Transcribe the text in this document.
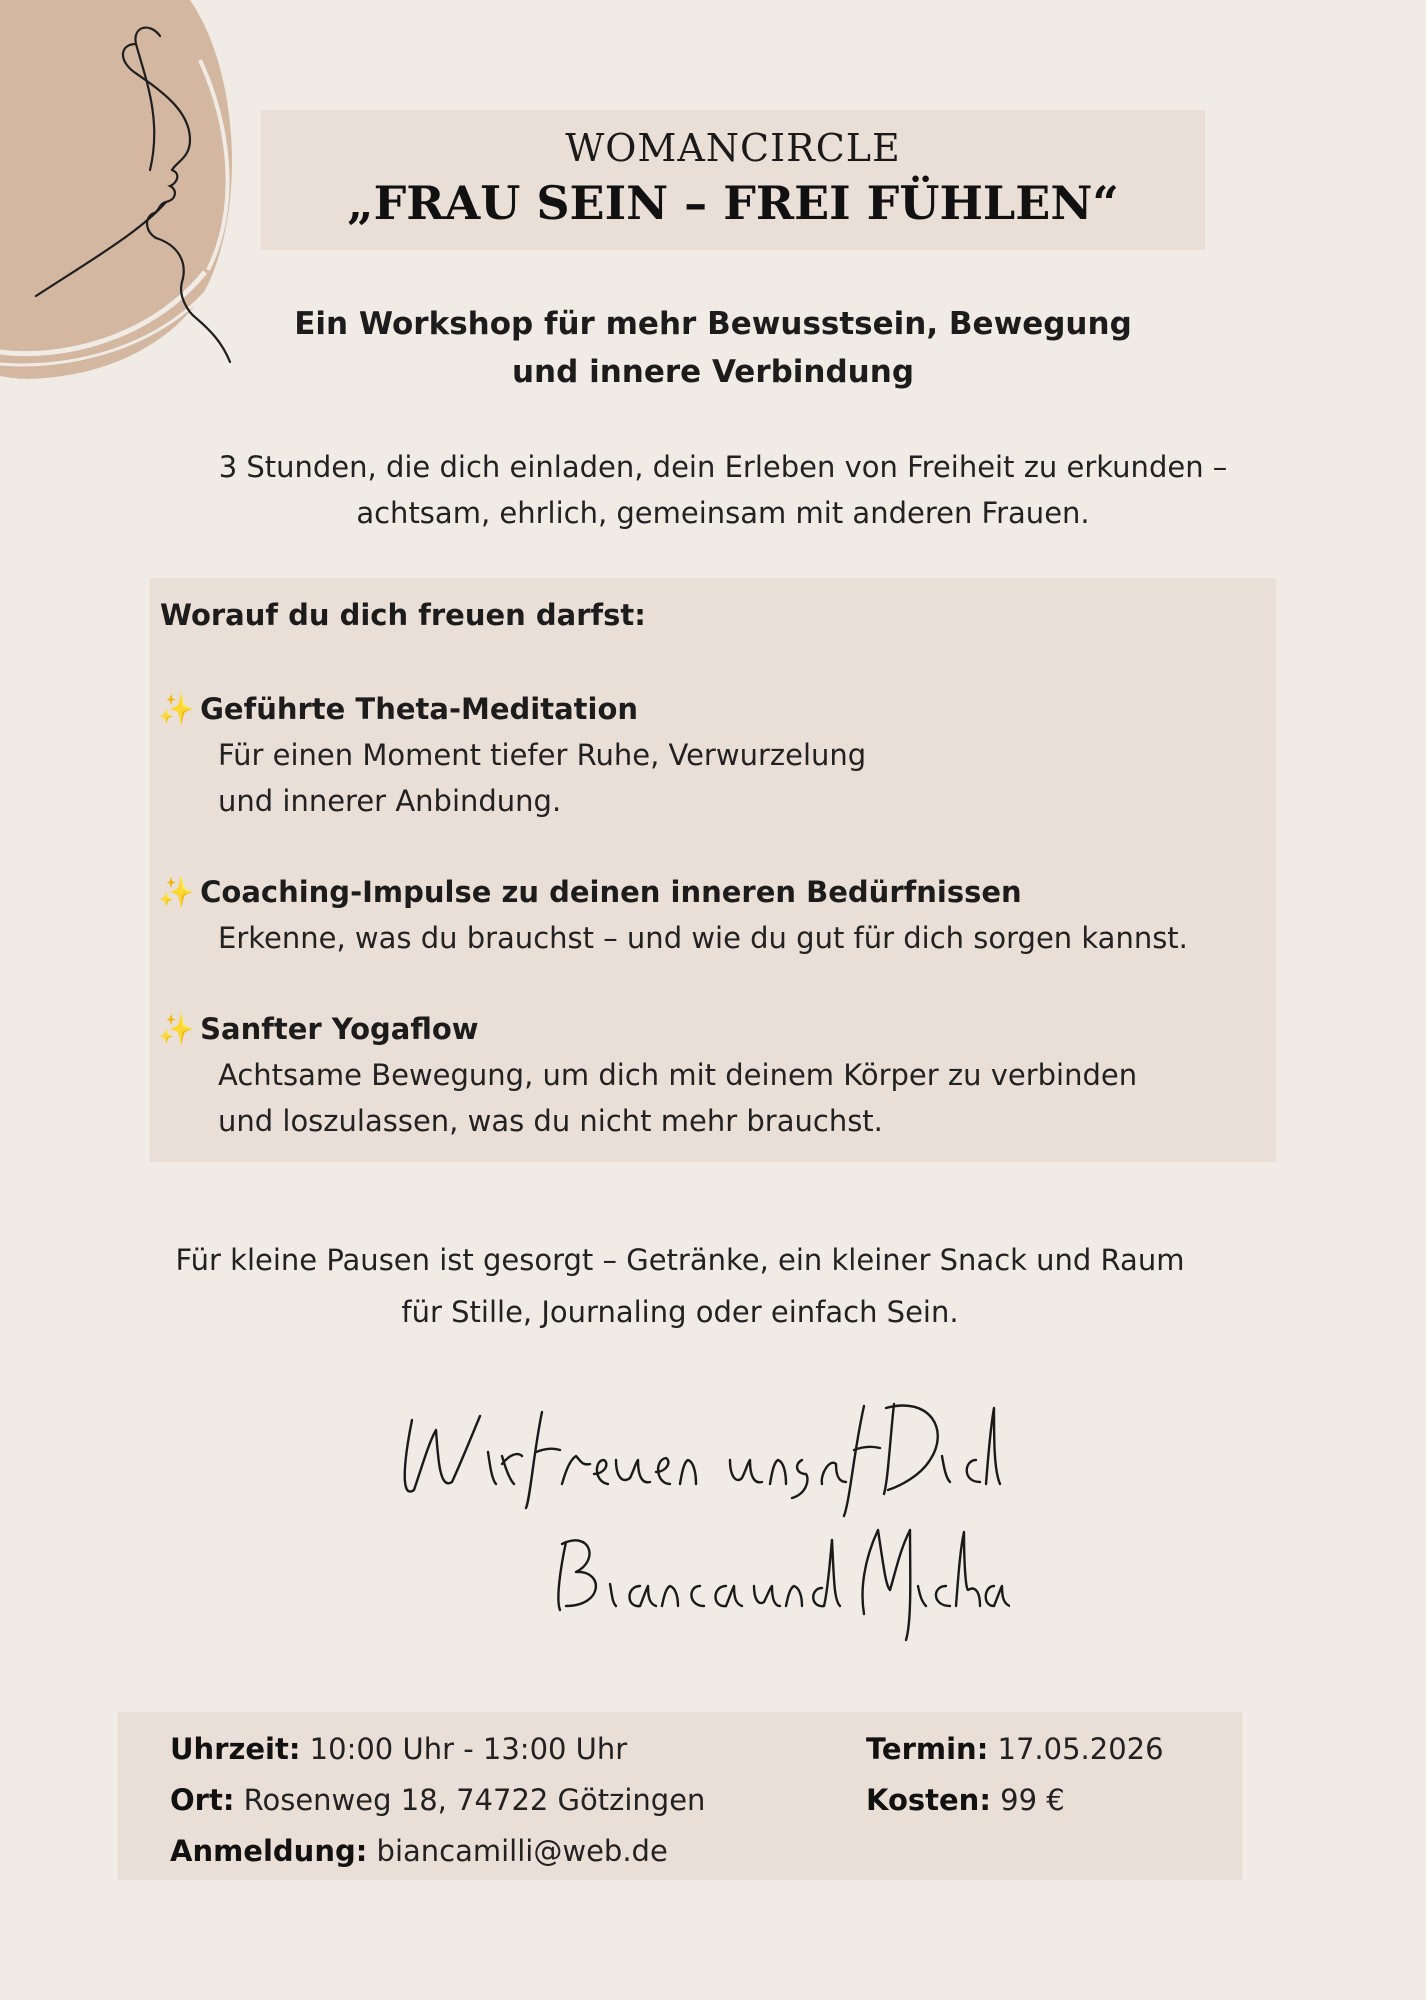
WOMANCIRCLE
„FRAU SEIN – FREI FÜHLEN“
Ein Workshop für mehr Bewusstsein, Bewegung
und innere Verbindung
3 Stunden, die dich einladen, dein Erleben von Freiheit zu erkunden –
achtsam, ehrlich, gemeinsam mit anderen Frauen.
Worauf du dich freuen darfst:
✨ Geführte Theta-Meditation
Für einen Moment tiefer Ruhe, Verwurzelung
und innerer Anbindung.
✨ Coaching-Impulse zu deinen inneren Bedürfnissen
Erkenne, was du brauchst – und wie du gut für dich sorgen kannst.
✨ Sanfter Yogaflow
Achtsame Bewegung, um dich mit deinem Körper zu verbinden
und loszulassen, was du nicht mehr brauchst.
Für kleine Pausen ist gesorgt – Getränke, ein kleiner Snack und Raum
für Stille, Journaling oder einfach Sein.
Uhrzeit: 10:00 Uhr - 13:00 Uhr
Ort: Rosenweg 18, 74722 Götzingen
Anmeldung: biancamilli@web.de
Termin: 17.05.2026
Kosten: 99 €
